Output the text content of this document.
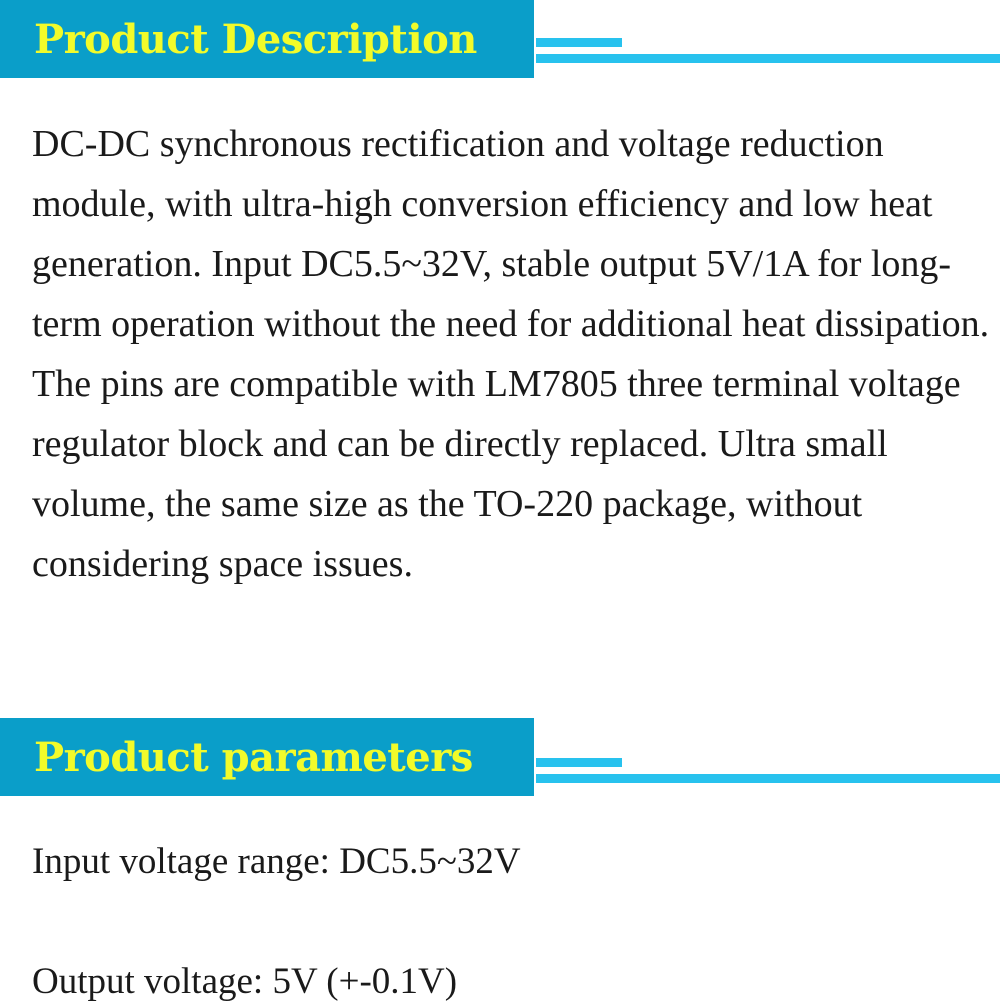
Product Description

DC-DC synchronous rectification and voltage reduction module, with ultra-high conversion efficiency and low heat generation. Input DC5.5~32V, stable output 5V/1A for long-term operation without the need for additional heat dissipation. The pins are compatible with LM7805 three terminal voltage regulator block and can be directly replaced. Ultra small volume, the same size as the TO-220 package, without considering space issues.

Product parameters

Input voltage range: DC5.5~32V

Output voltage: 5V (+-0.1V)
